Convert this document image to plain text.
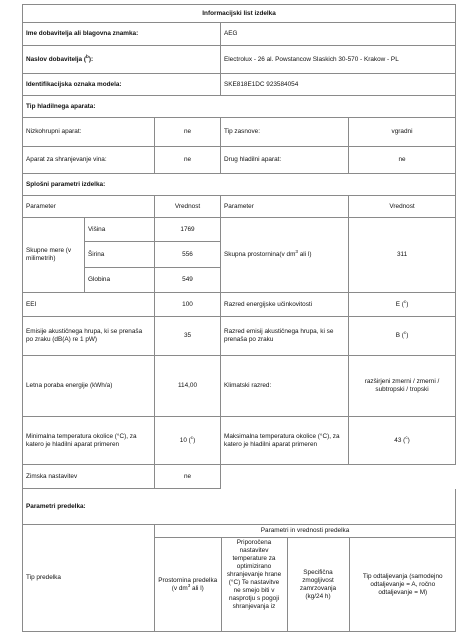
Informacijski list izdelka
Ime dobavitelja ali blagovna znamka:	AEG
Naslov dobavitelja ($^b$):	Electrolux - 26 al. Powstancow Slaskich 30-570 - Krakow - PL
Identifikacijska oznaka modela:	SKE818E1DC 923584054
Tip hladilnega aparata:
Nizkohrupni aparat:	ne	Tip zasnove:	vgradni
Aparat za shranjevanje vina:	ne	Drug hladilni aparat:	ne
Splošni parametri izdelka:
Parameter	Vrednost	Parameter	Vrednost
Skupne mere (v milimetrih)	Višina	1769	Skupna prostornina(v $dm^3$ ali l)	311
Širina	556
Globina	549
EEI	100	Razred energijske učinkovitosti	E ($^c$)
Emisije akustičnega hrupa, ki se prenaša po zraku (dB(A) re 1 pW)	35	Razred emisij akustičnega hrupa, ki se prenaša po zraku	B ($^c$)
Letna poraba energije (kWh/a)	114,00	Klimatski razred:	razširjeni zmerni / zmerni / subtropski / tropski
Minimalna temperatura okolice (°C), za katero je hladilni aparat primeren	10 ($^c$)	Maksimalna temperatura okolice (°C), za katero je hladilni aparat primeren	43 ($^c$)
Zimska nastavitev	ne	
Parametri predelka:
Tip predelka	Parametri in vrednosti predelka

Prostornina predelka (v $dm^3$ ali l)	Priporočena nastavitev temperature za optimizirano shranjevanje hrane (°C) Te nastavitve ne smejo biti v nasprotju s pogoji shranjevanja iz	Specifična zmogljivost zamrzovanja (kg/24 h)	Tip odtaljevanja (samodejno odtaljevanje = A, ročno odtaljevanje = M)
